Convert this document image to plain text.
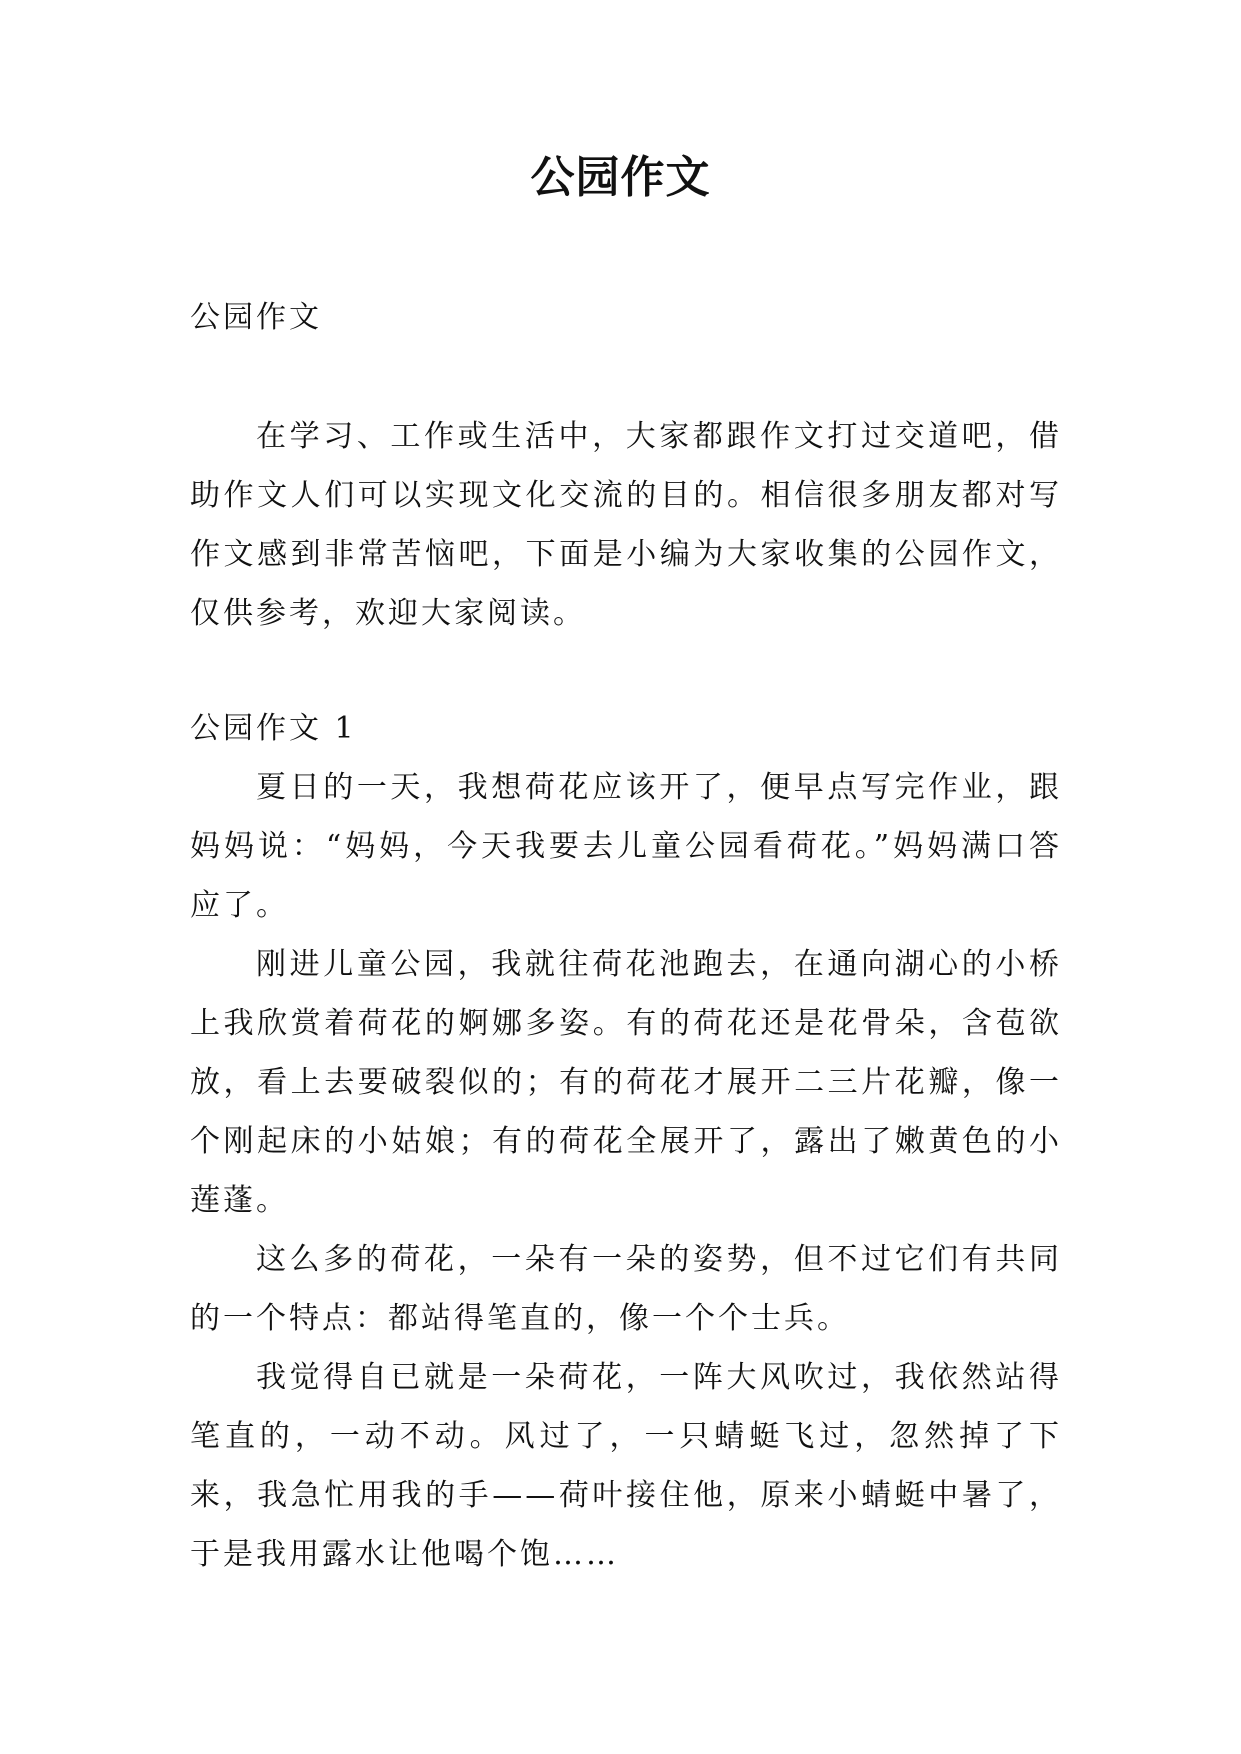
公园作文

公园作文

在学习、工作或生活中，大家都跟作文打过交道吧，借助作文人们可以实现文化交流的目的。相信很多朋友都对写作文感到非常苦恼吧，下面是小编为大家收集的公园作文，仅供参考，欢迎大家阅读。

公园作文 1

夏日的一天，我想荷花应该开了，便早点写完作业，跟妈妈说：“妈妈，今天我要去儿童公园看荷花。”妈妈满口答应了。

刚进儿童公园，我就往荷花池跑去，在通向湖心的小桥上我欣赏着荷花的婀娜多姿。有的荷花还是花骨朵，含苞欲放，看上去要破裂似的；有的荷花才展开二三片花瓣，像一个刚起床的小姑娘；有的荷花全展开了，露出了嫩黄色的小莲蓬。

这么多的荷花，一朵有一朵的姿势，但不过它们有共同的一个特点：都站得笔直的，像一个个士兵。

我觉得自已就是一朵荷花，一阵大风吹过，我依然站得笔直的，一动不动。风过了，一只蜻蜓飞过，忽然掉了下来，我急忙用我的手——荷叶接住他，原来小蜻蜓中暑了，于是我用露水让他喝个饱……
